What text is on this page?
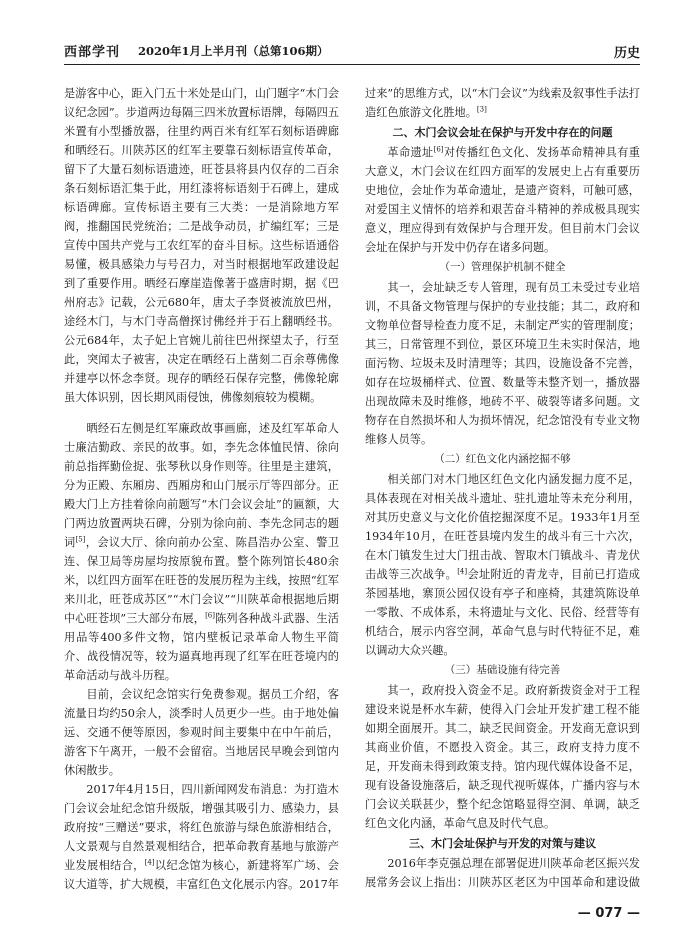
西部学刊 2020年1月上半月刊（总第106期）	历史

是游客中心，距入门五十米处是山门，山门题字“木门会议纪念园”。步道两边每隔三四米放置标语牌，每隔四五米置有小型播放器，往里约两百米有红军石刻标语碑廊和晒经石。川陕苏区的红军主要靠石刻标语宣传革命，留下了大量石刻标语遗迹，旺苍县将县内仅存的二百余条石刻标语汇集于此，用红漆将标语刻于石碑上，建成标语碑廊。宣传标语主要有三大类：一是消除地方军阀，推翻国民党统治；二是战争动员，扩编红军；三是宣传中国共产党与工农红军的奋斗目标。这些标语通俗易懂，极具感染力与号召力，对当时根据地军政建设起到了重要作用。晒经石摩崖造像著于盛唐时期，据《巴州府志》记载，公元680年，唐太子李贤被流放巴州，途经木门，与木门寺高僧探讨佛经并于石上翻晒经书。公元684年，太子妃上官婉儿前往巴州探望太子，行至此，突闻太子被害，决定在晒经石上凿刻二百余尊佛像并建亭以怀念李贤。现存的晒经石保存完整，佛像轮廓虽大体识别，因长期风雨侵蚀，佛像刻痕较为模糊。

晒经石左侧是红军廉政故事画廊，述及红军革命人士廉洁勤政、亲民的故事。如，李先念体恤民情、徐向前总指挥勤俭捉、张琴秋以身作则等。往里是主建筑，分为正殿、东厢房、西厢房和山门展示厅等四部分。正殿大门上方挂着徐向前题写“木门会议会址”的匾额，大门两边放置两块石碑，分别为徐向前、李先念同志的题词[5]，会议大厅、徐向前办公室、陈昌浩办公室、警卫连、保卫局等房屋均按原貌布置。整个陈列馆长480余米，以红四方面军在旺苍的发展历程为主线，按照“红军来川北，旺苍成苏区”“木门会议”“川陕革命根据地后期中心旺苍坝”三大部分布展，[6]陈列各种战斗武器、生活用品等400多件文物，馆内壁板记录革命人物生平简介、战役情况等，较为逼真地再现了红军在旺苍境内的革命活动与战斗历程。

目前，会议纪念馆实行免费参观。据员工介绍，客流量日均约50余人，淡季时人员更少一些。由于地处偏远、交通不便等原因，参观时间主要集中在中午前后，游客下午离开，一般不会留宿。当地居民早晚会到馆内休闲散步。

2017年4月15日，四川新闻网发布消息：为打造木门会议会址纪念馆升级版，增强其吸引力、感染力，县政府按“三赠送”要求，将红色旅游与绿色旅游相结合，人文景观与自然景观相结合，把革命教育基地与旅游产业发展相结合，[4]以纪念馆为核心，新建将军广场、会议大道等，扩大规模，丰富红色文化展示内容。2017年

过来”的思维方式，以“木门会议”为线索及叙事性手法打造红色旅游文化胜地。[3]

二、木门会议会址在保护与开发中存在的问题

革命遗址[6]对传播红色文化、发扬革命精神具有重大意义，木门会议在红四方面军的发展史上占有重要历史地位，会址作为革命遗址，是遗产资料，可触可感，对爱国主义情怀的培养和艰苦奋斗精神的养成极具现实意义，理应得到有效保护与合理开发。但目前木门会议会址在保护与开发中仍存在诸多问题。

（一）管理保护机制不健全

其一，会址缺乏专人管理，现有员工未受过专业培训，不具备文物管理与保护的专业技能；其二，政府和文物单位督导检查力度不足，未制定严实的管理制度；其三，日常管理不到位，景区环境卫生未实时保洁，地面污物、垃圾未及时清理等；其四，设施设备不完善，如存在垃圾桶样式、位置、数量等未整齐划一，播放器出现故障未及时维修，地砖不平、破裂等诸多问题。文物存在自然损坏和人为损坏情况，纪念馆没有专业文物维修人员等。

（二）红色文化内涵挖掘不够

相关部门对木门地区红色文化内涵发掘力度不足，具体表现在对相关战斗遗址、驻扎遗址等未充分利用，对其历史意义与文化价值挖掘深度不足。1933年1月至1934年10月，在旺苍县境内发生的战斗有三十六次，在木门镇发生过大门扭击战、智取木门镇战斗、青龙伏击战等三次战争。[4]会址附近的青龙寺，目前已打造成茶园基地，寨顶公园仅设有亭子和座椅，其建筑陈设单一零散、不成体系，未将遗址与文化、民俗、经营等有机结合，展示内容空洞，革命气息与时代特征不足，难以调动大众兴趣。

（三）基础设施有待完善

其一，政府投入资金不足。政府新拨资金对于工程建设来说是杯水车薪，使得入门会址开发扩建工程不能如期全面展开。其二，缺乏民间资金。开发商无意识到其商业价值，不愿投入资金。其三，政府支持力度不足，开发商未得到政策支持。馆内现代媒体设备不足，现有设备设施落后，缺乏现代视听媒体，广播内容与木门会议关联甚少，整个纪念馆略显得空洞、单调，缺乏红色文化内涵，革命气息及时代气息。

三、木门会址保护与开发的对策与建议

2016年李克强总理在部署促进川陕革命老区振兴发展常务会议上指出：川陕苏区老区为中国革命和建设做

— 077 —
